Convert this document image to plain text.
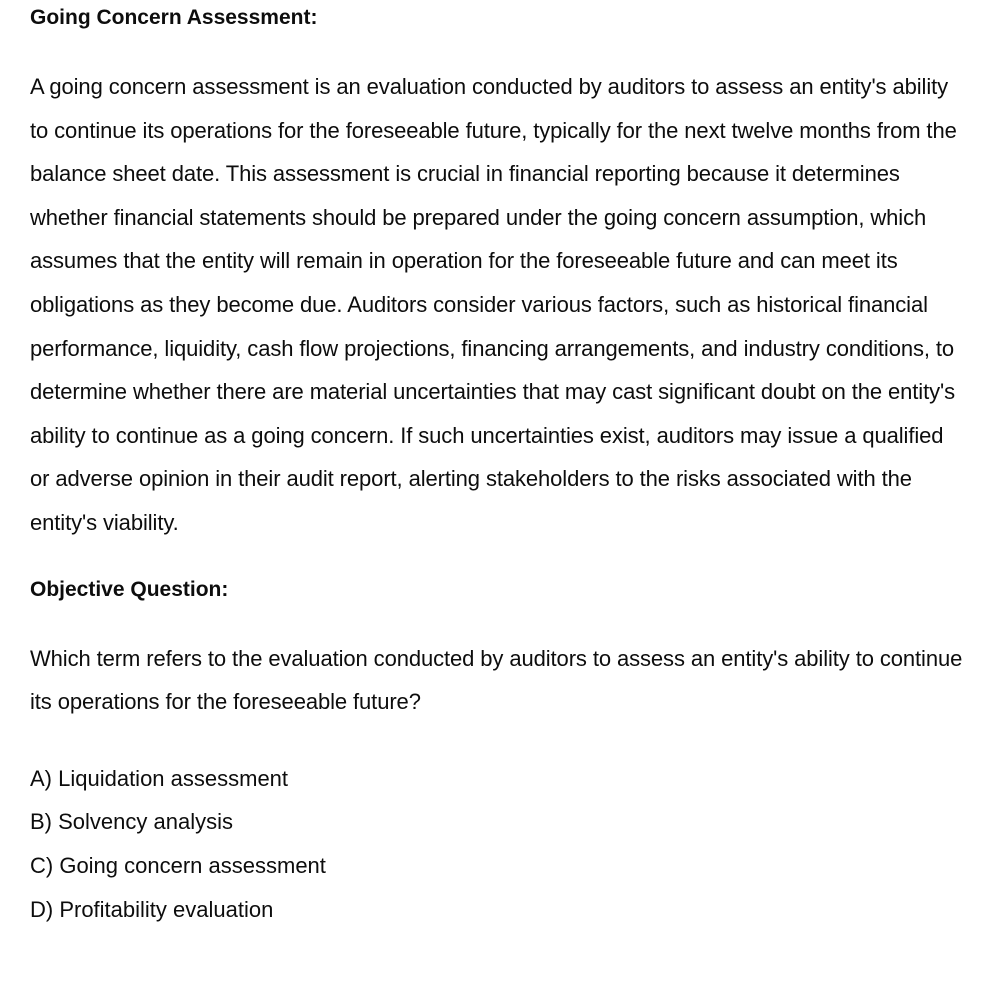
Going Concern Assessment:

A going concern assessment is an evaluation conducted by auditors to assess an entity's ability to continue its operations for the foreseeable future, typically for the next twelve months from the balance sheet date. This assessment is crucial in financial reporting because it determines whether financial statements should be prepared under the going concern assumption, which assumes that the entity will remain in operation for the foreseeable future and can meet its obligations as they become due. Auditors consider various factors, such as historical financial performance, liquidity, cash flow projections, financing arrangements, and industry conditions, to determine whether there are material uncertainties that may cast significant doubt on the entity's ability to continue as a going concern. If such uncertainties exist, auditors may issue a qualified or adverse opinion in their audit report, alerting stakeholders to the risks associated with the entity's viability.

Objective Question:

Which term refers to the evaluation conducted by auditors to assess an entity's ability to continue its operations for the foreseeable future?

A) Liquidation assessment
B) Solvency analysis
C) Going concern assessment
D) Profitability evaluation
